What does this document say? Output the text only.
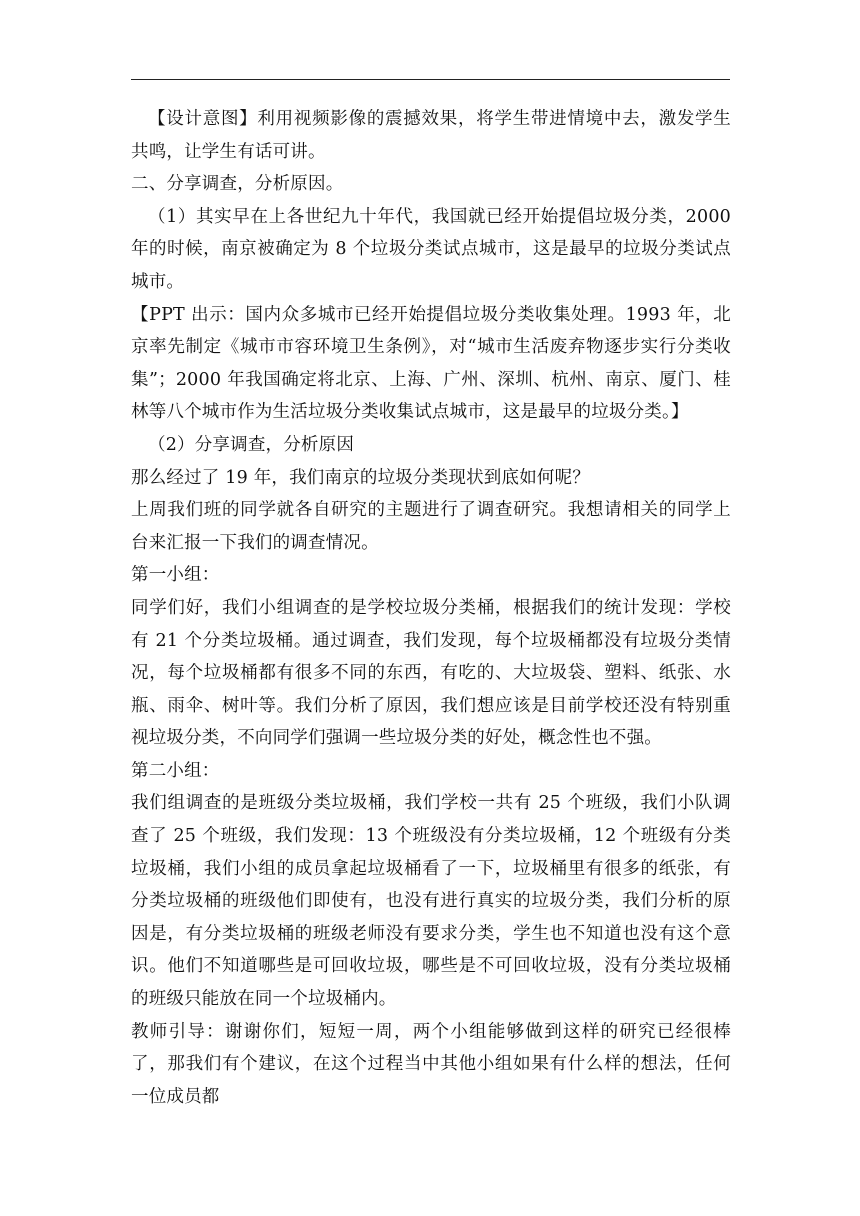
【设计意图】利用视频影像的震撼效果，将学生带进情境中去，激发学生共鸣，让学生有话可讲。

二、分享调查，分析原因。

（1）其实早在上各世纪九十年代，我国就已经开始提倡垃圾分类，2000 年的时候，南京被确定为 8 个垃圾分类试点城市，这是最早的垃圾分类试点城市。

【PPT 出示：国内众多城市已经开始提倡垃圾分类收集处理。1993 年，北京率先制定《城市市容环境卫生条例》，对“城市生活废弃物逐步实行分类收集”；2000 年我国确定将北京、上海、广州、深圳、杭州、南京、厦门、桂林等八个城市作为生活垃圾分类收集试点城市，这是最早的垃圾分类。】

（2）分享调查，分析原因

那么经过了 19 年，我们南京的垃圾分类现状到底如何呢？

上周我们班的同学就各自研究的主题进行了调查研究。我想请相关的同学上台来汇报一下我们的调查情况。

第一小组：

同学们好，我们小组调查的是学校垃圾分类桶，根据我们的统计发现：学校有 21 个分类垃圾桶。通过调查，我们发现，每个垃圾桶都没有垃圾分类情况，每个垃圾桶都有很多不同的东西，有吃的、大垃圾袋、塑料、纸张、水瓶、雨伞、树叶等。我们分析了原因，我们想应该是目前学校还没有特别重视垃圾分类，不向同学们强调一些垃圾分类的好处，概念性也不强。

第二小组：

我们组调查的是班级分类垃圾桶，我们学校一共有 25 个班级，我们小队调查了 25 个班级，我们发现：13 个班级没有分类垃圾桶，12 个班级有分类垃圾桶，我们小组的成员拿起垃圾桶看了一下，垃圾桶里有很多的纸张，有分类垃圾桶的班级他们即使有，也没有进行真实的垃圾分类，我们分析的原因是，有分类垃圾桶的班级老师没有要求分类，学生也不知道也没有这个意识。他们不知道哪些是可回收垃圾，哪些是不可回收垃圾，没有分类垃圾桶的班级只能放在同一个垃圾桶内。

教师引导：谢谢你们，短短一周，两个小组能够做到这样的研究已经很棒了，那我们有个建议，在这个过程当中其他小组如果有什么样的想法，任何一位成员都
